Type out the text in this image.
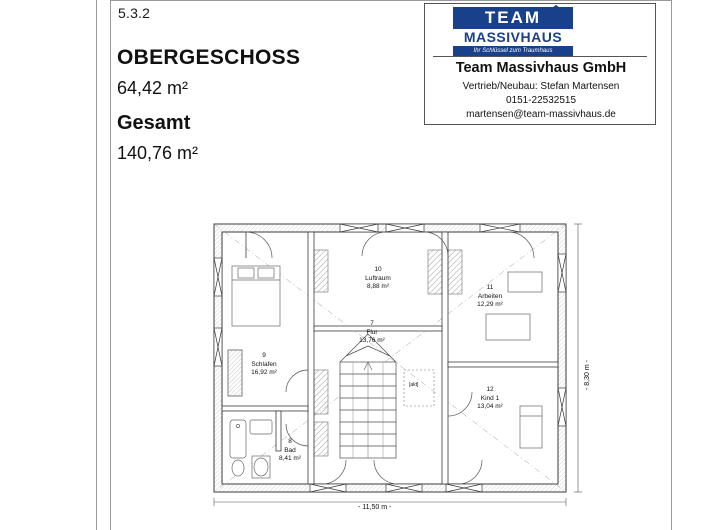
5.3.2
OBERGESCHOSS
64,42 m²
Gesamt
140,76 m²
TEAM
MASSIVHAUS
Ihr Schlüssel zum Traumhaus
Team Massivhaus GmbH
Vertrieb/Neubau: Stefan Martensen
0151-22532515
martensen@team-massivhaus.de
10
Luftraum
8,88 m²	11
Arbeiten
12,29 m²
7
Flur
13,76 m²
9
Schlafen
16,92 m²
12
Kind 1
13,04 m²
8
Bad
8,41 m²
[akt]
- 11,50 m -
- 8,30 m -
